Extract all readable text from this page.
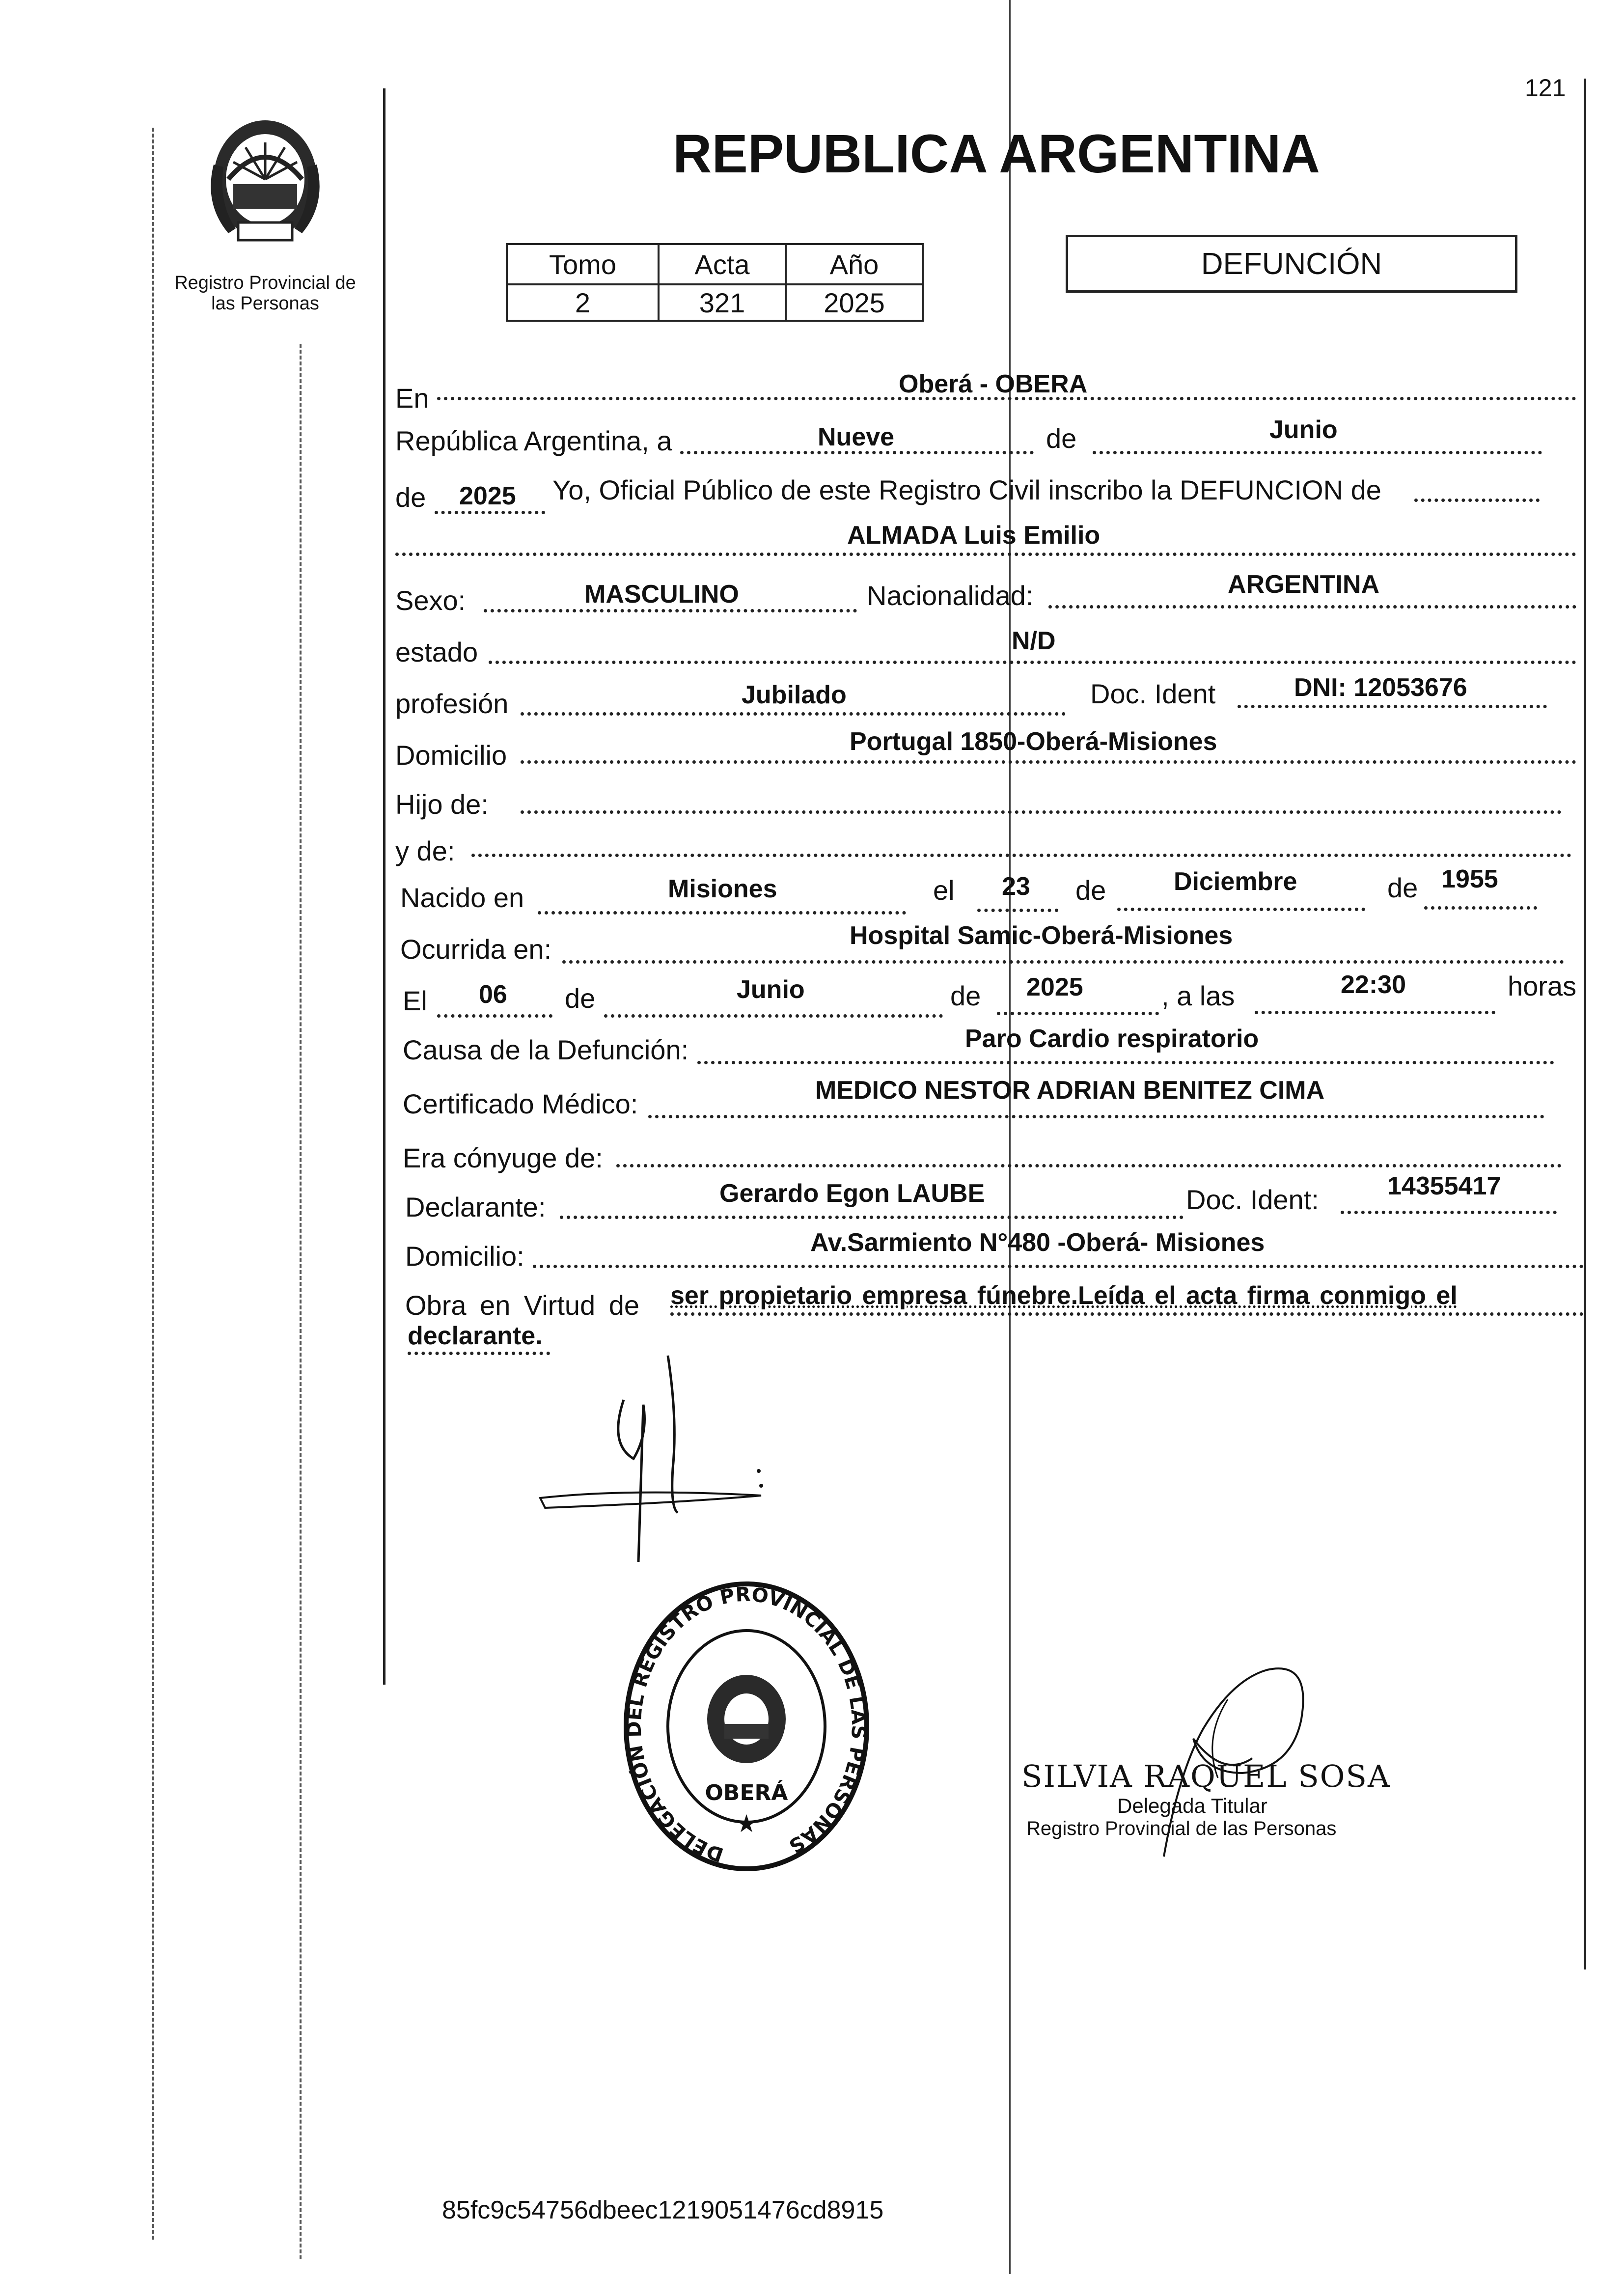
121
Registro Provincial de
las Personas
REPUBLICA ARGENTINA
Tomo	Acta	Año
2	321	2025
DEFUNCIÓN
En	Oberá - OBERA
República Argentina, a	Nueve	de	Junio
de 2025 Yo, Oficial Público de este Registro Civil inscribo la DEFUNCION de
ALMADA Luis Emilio
Sexo:	MASCULINO	Nacionalidad:	ARGENTINA
estado	N/D
profesión	Jubilado	Doc. Ident	DNI: 12053676
Domicilio	Portugal 1850-Oberá-Misiones
Hijo de:
y de:
Nacido en	Misiones	el 23 de	Diciembre	de 1955
Ocurrida en:	Hospital Samic-Oberá-Misiones
El 06 de	Junio	de 2025	, a las	22:30	horas
Causa de la Defunción:	Paro Cardio respiratorio
Certificado Médico:	MEDICO NESTOR ADRIAN BENITEZ CIMA
Era cónyuge de:
Declarante:	Gerardo Egon LAUBE	Doc. Ident:	14355417
Domicilio:	Av.Sarmiento N°480 -Oberá- Misiones
Obra en Virtud de ser propietario empresa fúnebre.Leída el acta firma conmigo el
declarante.
DELEGACIÓN DEL REGISTRO PROVINCIAL DE LAS PERSONAS
OBERÁ
★
SILVIA RAQUEL SOSA
Delegada Titular
Registro Provincial de las Personas
85fc9c54756dbeec1219051476cd8915
